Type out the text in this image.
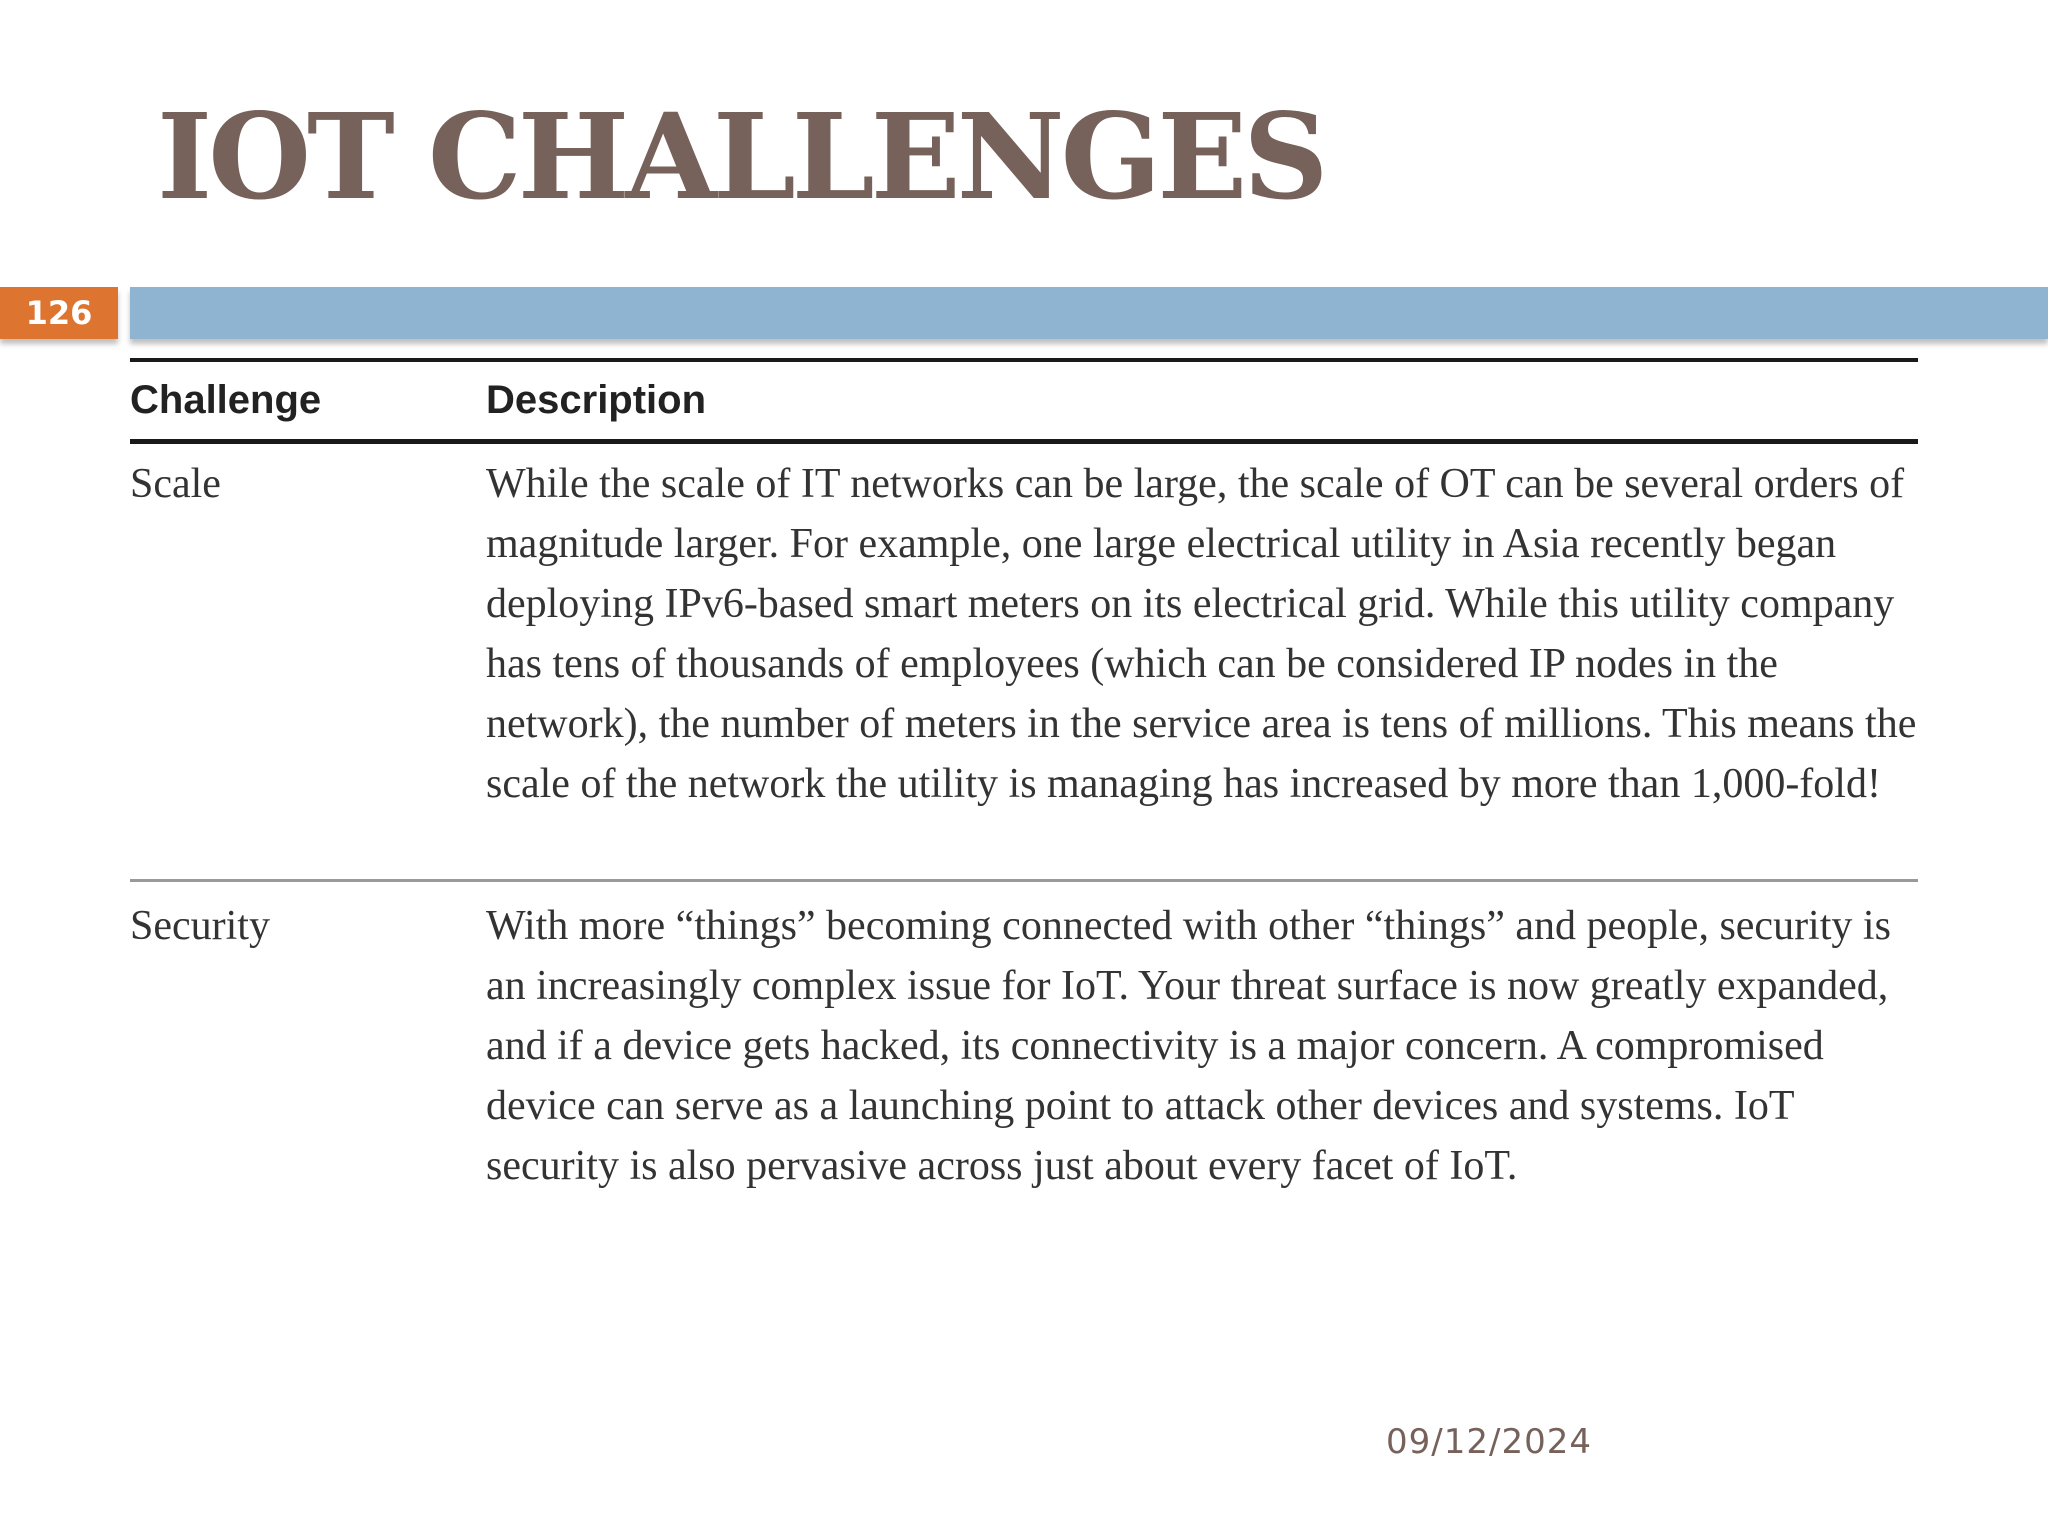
IOT CHALLENGES
126
Challenge	Description
Scale	While the scale of IT networks can be large, the scale of OT can be several orders of magnitude larger. For example, one large electrical utility in Asia recently began deploying IPv6-based smart meters on its electrical grid. While this utility company has tens of thousands of employees (which can be considered IP nodes in the network), the number of meters in the service area is tens of millions. This means the scale of the network the utility is managing has increased by more than 1,000-fold!
Security	With more “things” becoming connected with other “things” and people, security is an increasingly complex issue for IoT. Your threat surface is now greatly expanded, and if a device gets hacked, its connectivity is a major concern. A compromised device can serve as a launching point to attack other devices and systems. IoT security is also pervasive across just about every facet of IoT.
09/12/2024
